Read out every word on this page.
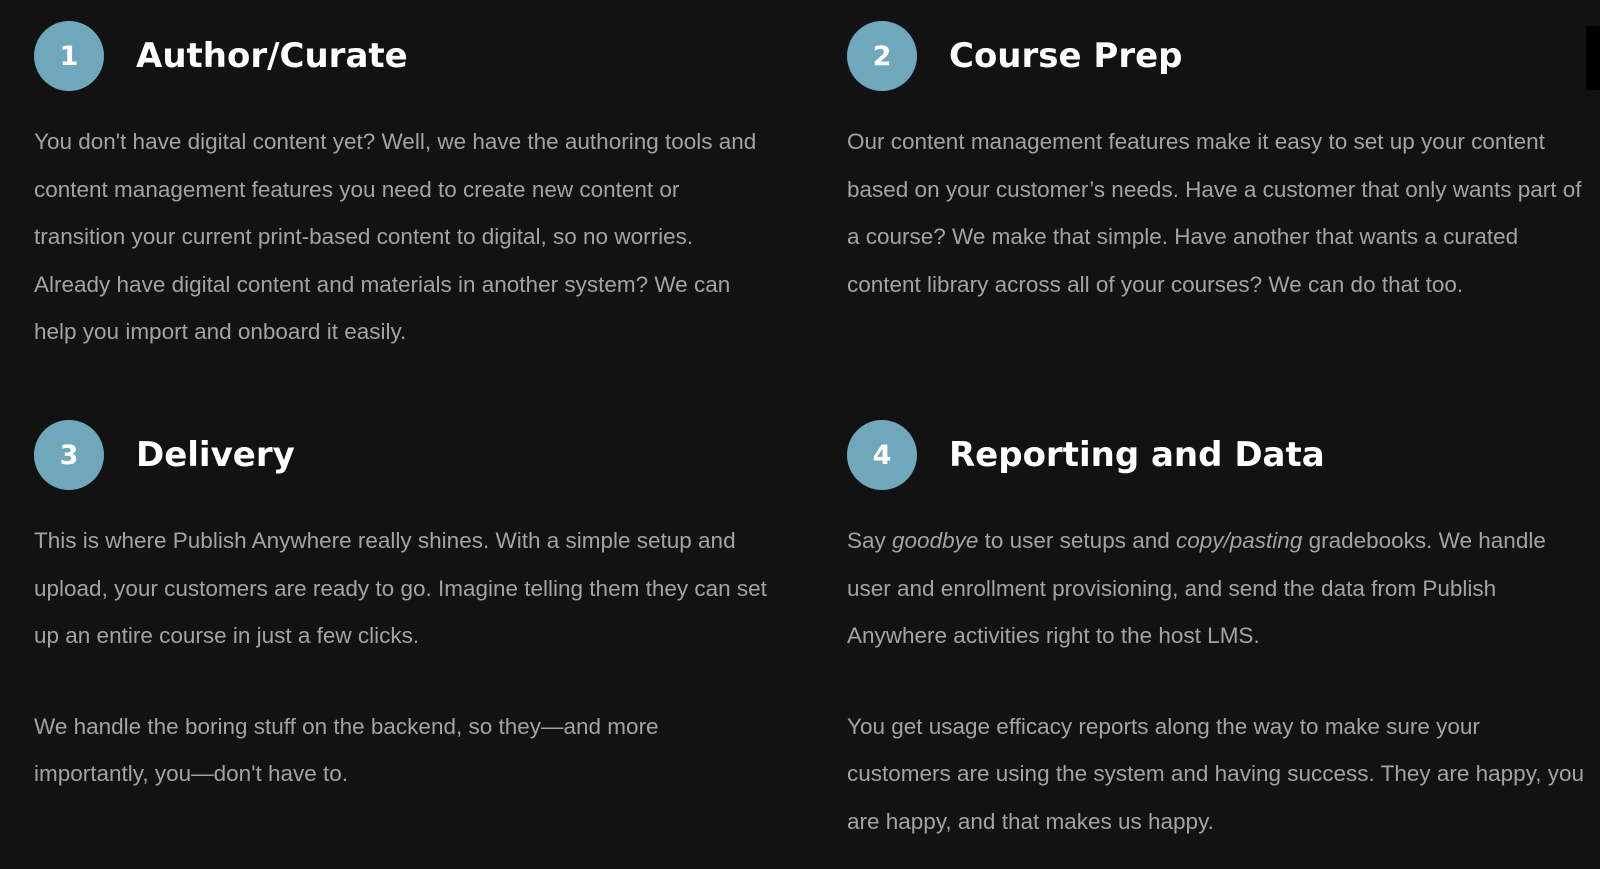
1	Author/Curate

You don't have digital content yet? Well, we have the authoring tools and content management features you need to create new content or transition your current print-based content to digital, so no worries. Already have digital content and materials in another system? We can help you import and onboard it easily.

2	Course Prep

Our content management features make it easy to set up your content based on your customer’s needs. Have a customer that only wants part of a course? We make that simple. Have another that wants a curated content library across all of your courses? We can do that too.

3	Delivery

This is where Publish Anywhere really shines. With a simple setup and upload, your customers are ready to go. Imagine telling them they can set up an entire course in just a few clicks.

We handle the boring stuff on the backend, so they—and more importantly, you—don't have to.

4	Reporting and Data

Say goodbye to user setups and copy/pasting gradebooks. We handle user and enrollment provisioning, and send the data from Publish Anywhere activities right to the host LMS.

You get usage efficacy reports along the way to make sure your customers are using the system and having success. They are happy, you are happy, and that makes us happy.
